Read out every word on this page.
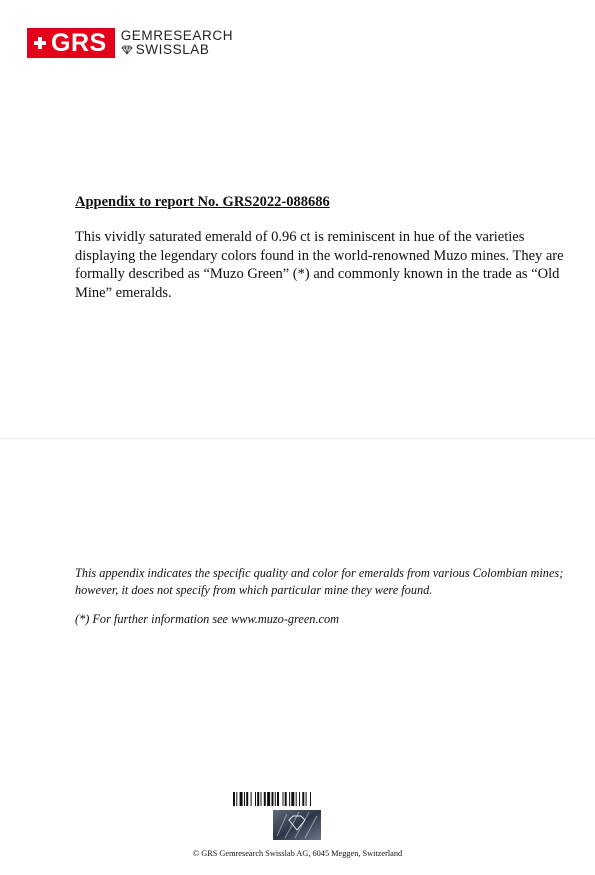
GRS GEMRESEARCH
SWISSLAB

Appendix to report No. GRS2022-088686

This vividly saturated emerald of 0.96 ct is reminiscent in hue of the varieties displaying the legendary colors found in the world-renowned Muzo mines. They are formally described as “Muzo Green” (*) and commonly known in the trade as “Old Mine” emeralds.

This appendix indicates the specific quality and color for emeralds from various Colombian mines; however, it does not specify from which particular mine they were found.

(*) For further information see www.muzo-green.com

© GRS Gemresearch Swisslab AG, 6045 Meggen, Switzerland
